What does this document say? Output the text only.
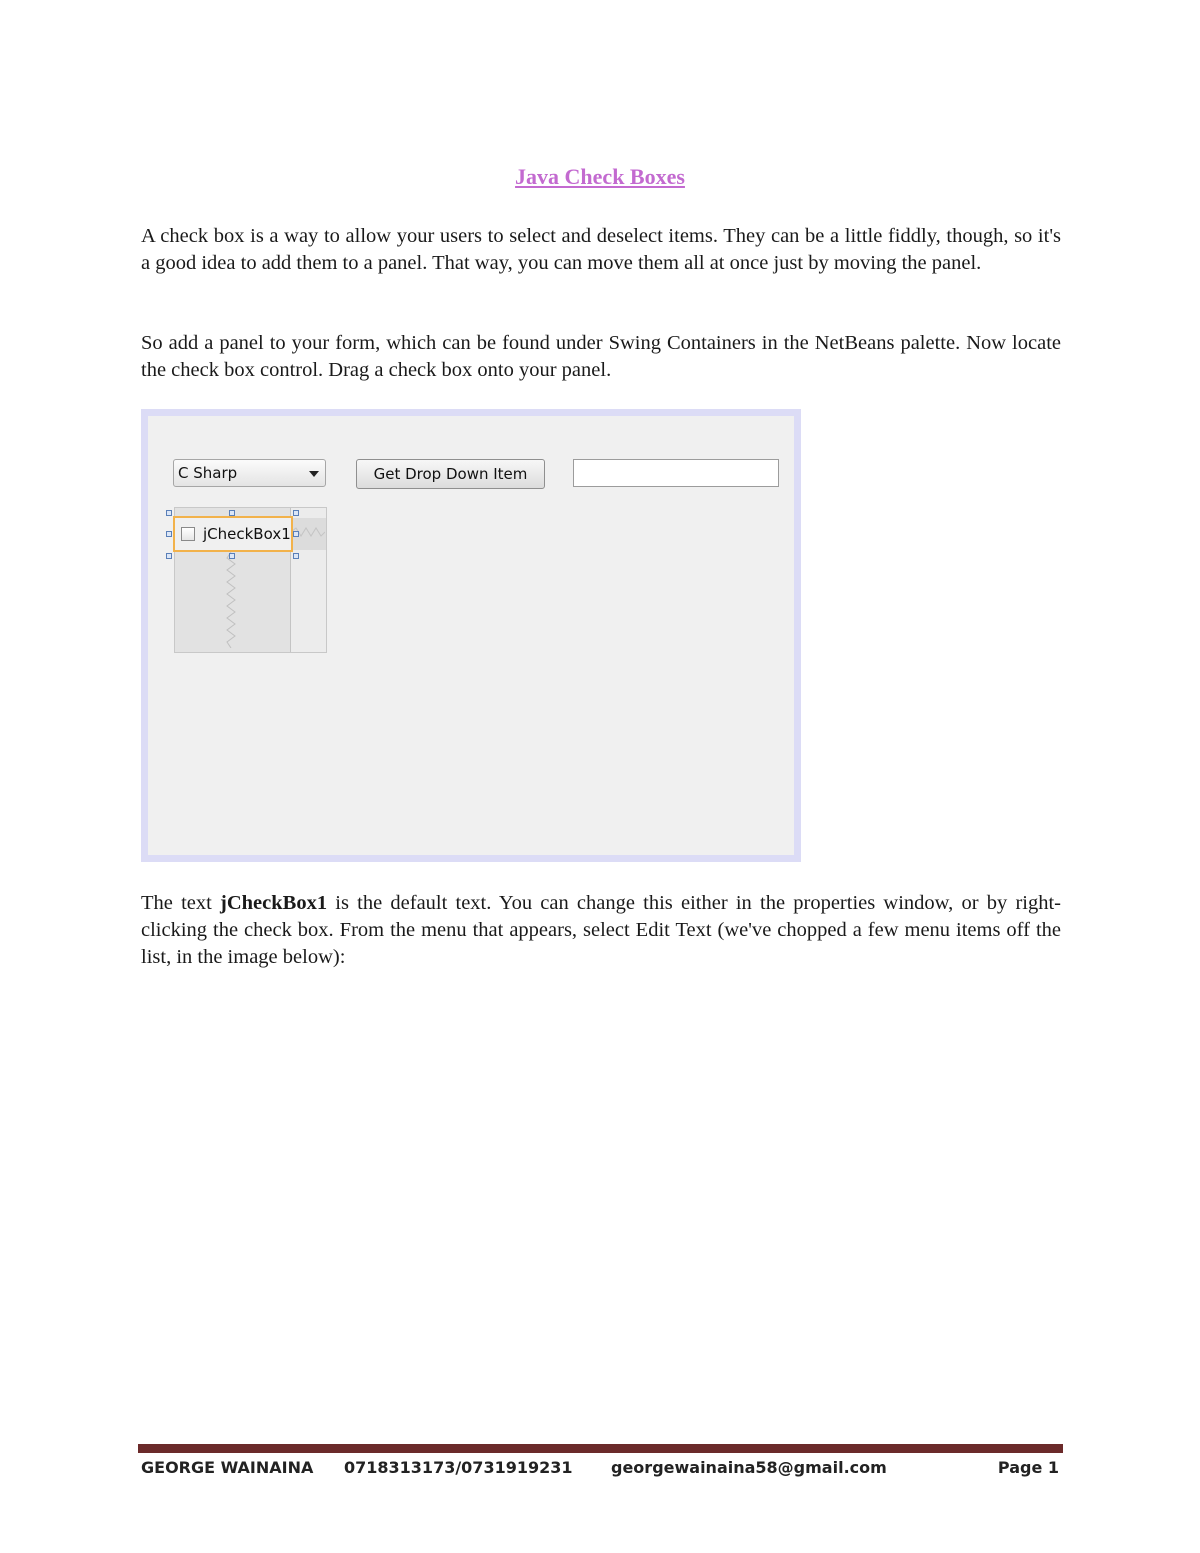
Java Check Boxes

A check box is a way to allow your users to select and deselect items. They can be a little fiddly, though, so it's a good idea to add them to a panel. That way, you can move them all at once just by moving the panel.

So add a panel to your form, which can be found under Swing Containers in the NetBeans palette. Now locate the check box control. Drag a check box onto your panel.

C Sharp	Get Drop Down Item
jCheckBox1

The text jCheckBox1 is the default text. You can change this either in the properties window, or by right-clicking the check box. From the menu that appears, select Edit Text (we've chopped a few menu items off the list, in the image below):

GEORGE WAINAINA 0718313173/0731919231 georgewainaina58@gmail.com	Page 1
